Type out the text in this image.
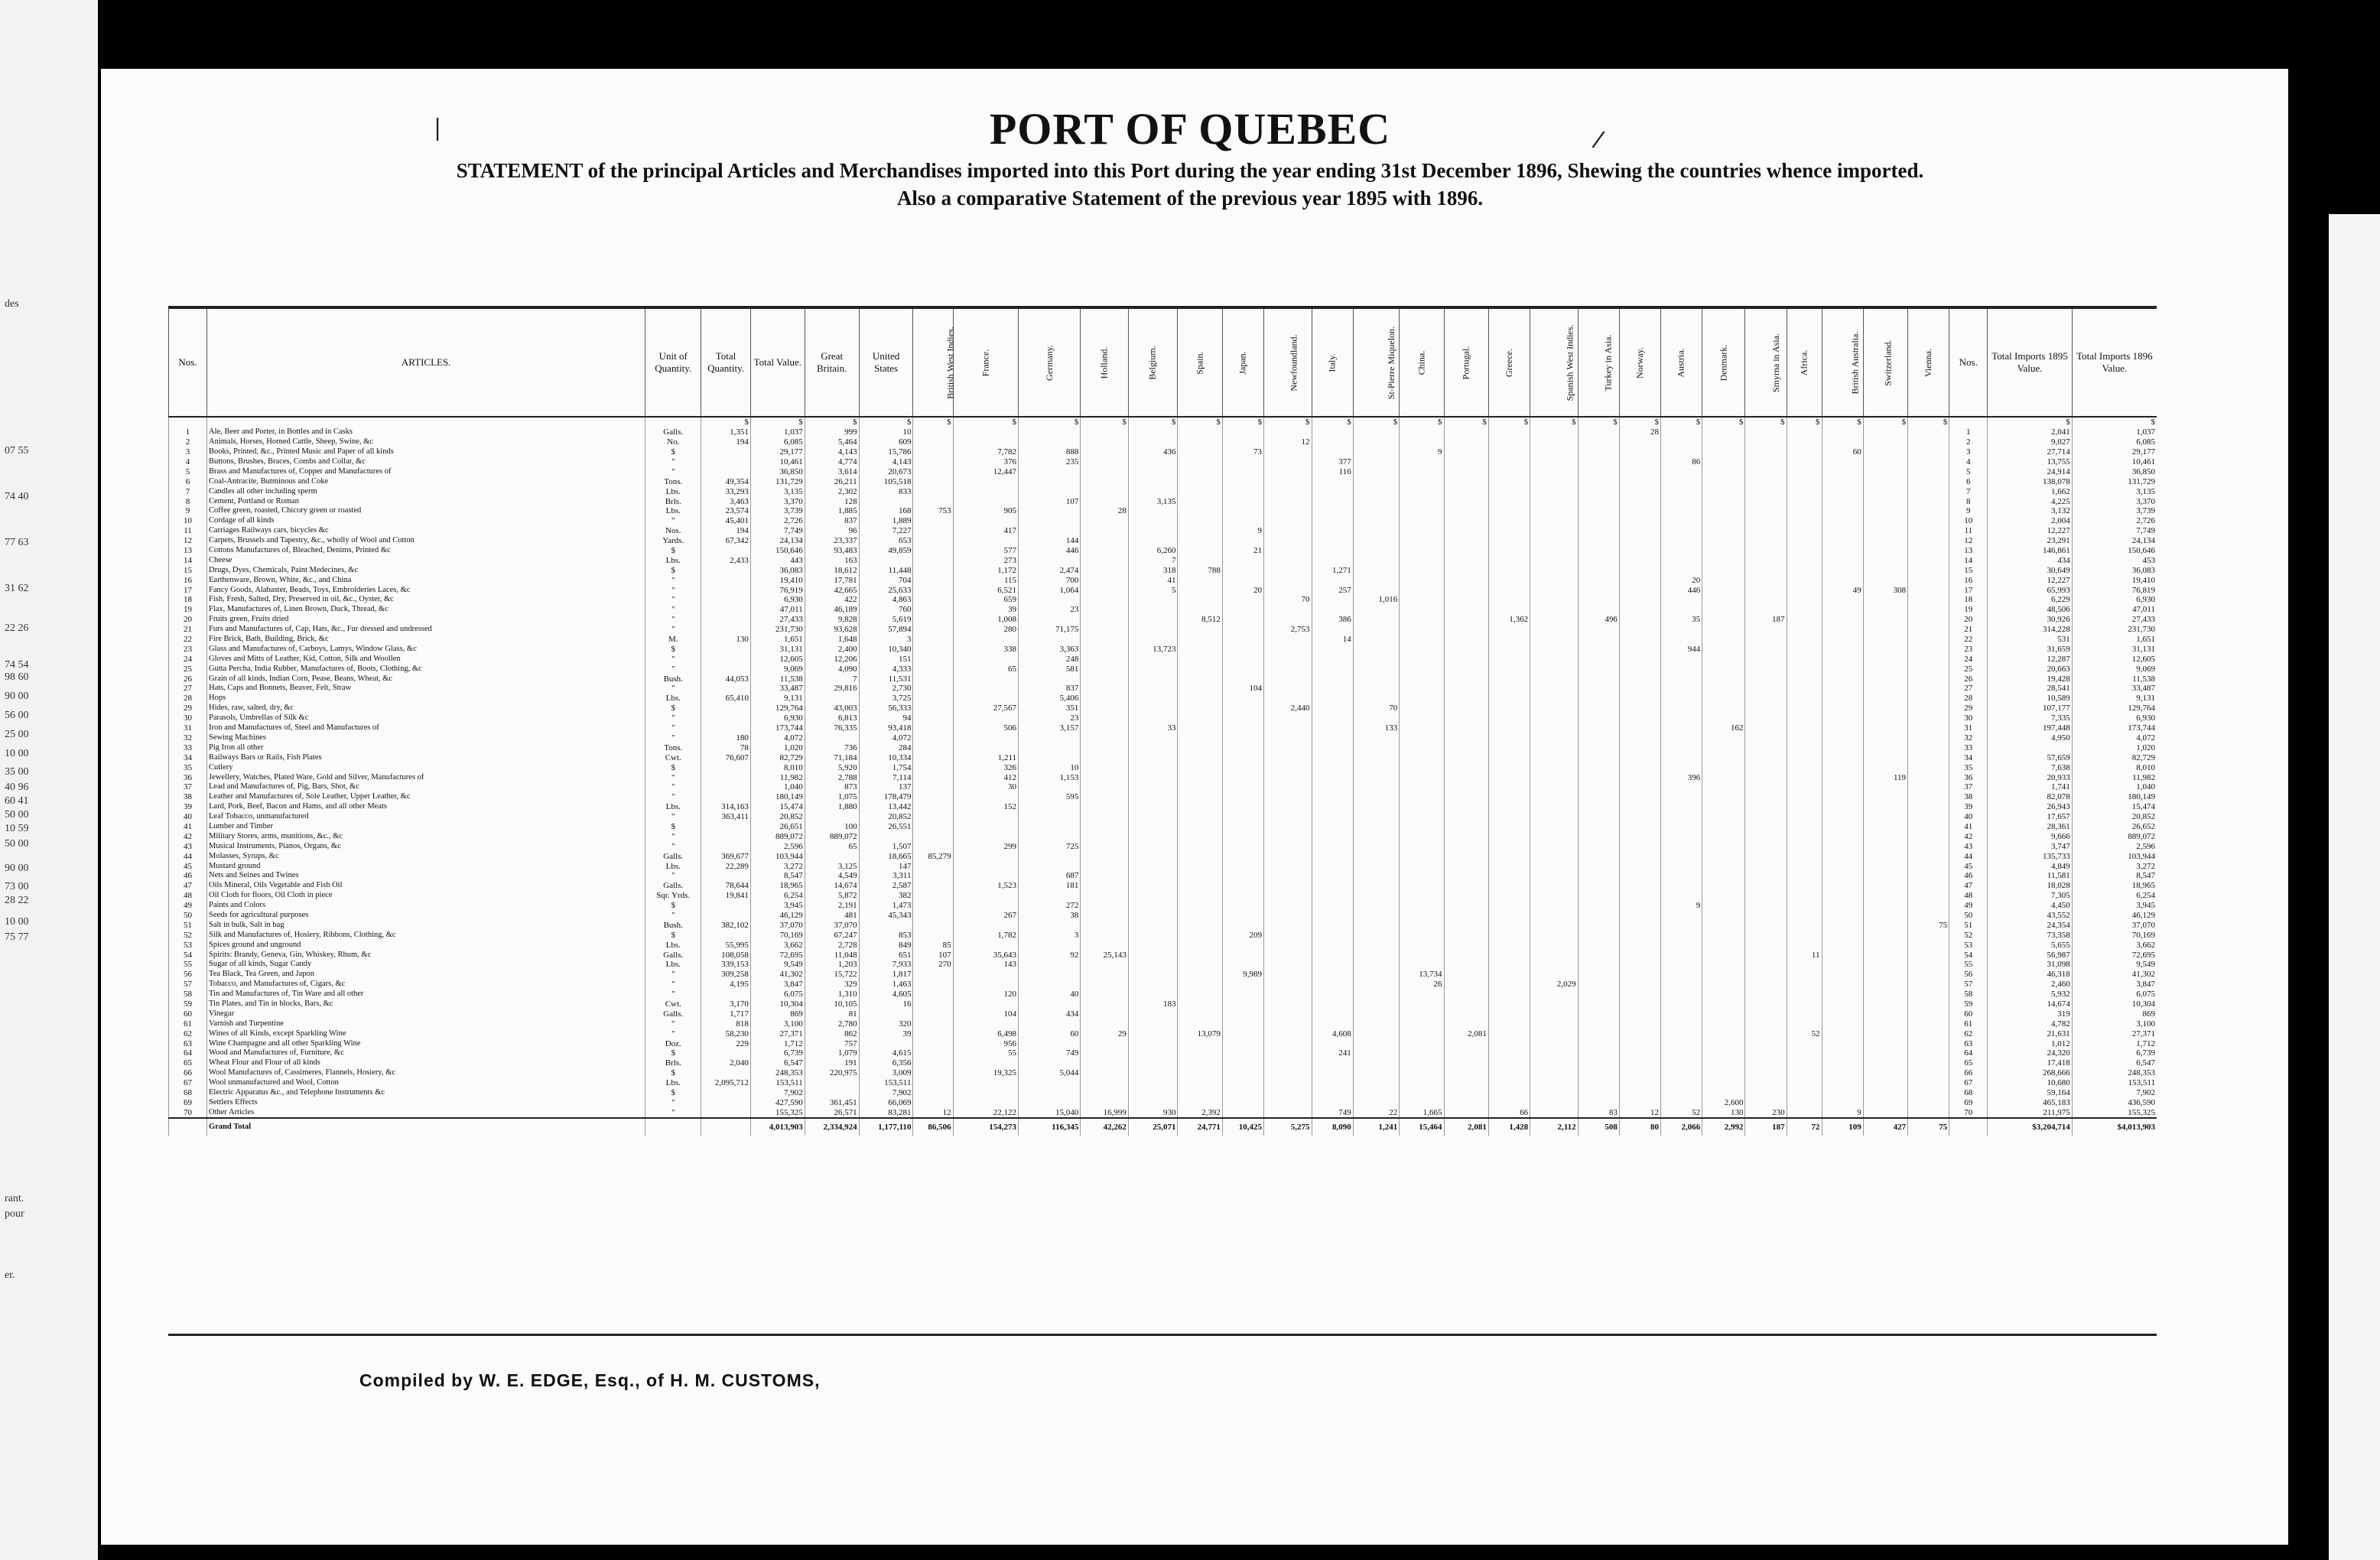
des
07 55
74 40
77 63
31 62
22 26
74 54
98 60
90 00
56 00
25 00
10 00
35 00
40 96
60 41
50 00
10 59
50 00
90 00
73 00
28 22
10 00
75 77
rant.
pour
er.
|	/
PORT OF QUEBEC
STATEMENT of the principal Articles and Merchandises imported into this Port during the year ending 31st December 1896, Shewing the countries whence imported.
Also a comparative Statement of the previous year 1895 with 1896.
Nos.	ARTICLES.	Unit of Quantity.	Total Quantity.	Total Value.	Great Britain.	United States	British West Indies.	France.	Germany.	Holland.	Belgium.	Spain.	Japan.	Newfoundland.	Italy.	St-Pierre Miquelon.	China.	Portugal.	Greece.	Spanish West Indies.	Turkey in Asia.	Norway.	Austria.	Denmark.	Smyrna in Asia.	Africa.	British Australia.	Switzerland.	Vienna.	Nos.	Total Imports 1895 Value.	Total Imports 1896 Value.
			$	$	$	$	$	$	$	$	$	$	$	$	$	$	$	$	$	$	$	$	$	$	$	$	$	$	$		$	$
1	Ale, Beer and Porter, in Bottles and in Casks	Galls.	1,351	1,037	999	10																28								1	2,041	1,037
2	Animals, Horses, Horned Cattle, Sheep, Swine, &c	No.	194	6,085	5,464	609								12																2	9,027	6,085
3	Books, Printed, &c., Printed Music and Paper of all kinds	$		29,177	4,143	15,786		7,782	888		436		73				9										60			3	27,714	29,177
4	Buttons, Brushes, Braces, Combs and Collar, &c	"		10,461	4,774	4,143		376	235						377								86							4	13,755	10,461
5	Brass and Manufactures of, Copper and Manufactures of	"		36,850	3,614	20,673		12,447							116															5	24,914	36,850
6	Coal-Antracite, Butminous and Coke	Tons.	49,354	131,729	26,211	105,518																								6	138,078	131,729
7	Candles all other including sperm	Lbs.	33,293	3,135	2,302	833																								7	1,662	3,135
8	Cement, Portland or Roman	Brls.	3,463	3,370	128				107		3,135																			8	4,225	3,370
9	Coffee green, roasted, Chicory green or roasted	Lbs.	23,574	3,739	1,885	168	753	905		28																				9	3,132	3,739
10	Cordage of all kinds	"	45,401	2,726	837	1,889																								10	2,004	2,726
11	Carriages Railways cars, bicycles &c	Nos.	194	7,749	96	7,227		417					9																	11	12,227	7,749
12	Carpets, Brussels and Tapestry, &c., wholly of Wool and Cotton	Yards.	67,342	24,134	23,337	653			144																					12	23,291	24,134
13	Cottons Manufactures of, Bleached, Denims, Printed &c	$		150,646	93,483	49,859		577	446		6,260		21																	13	146,861	150,646
14	Cheese	Lbs.	2,433	443	163			273			7																			14	434	453
15	Drugs, Dyes, Chemicals, Paint Medecines, &c	$		36,083	18,612	11,448		1,172	2,474		318	788			1,271															15	30,649	36,083
16	Earthenware, Brown, White, &c., and China	"		19,410	17,781	704		115	700		41												20							16	12,227	19,410
17	Fancy Goods, Alabaster, Beads, Toys, Embroideries Laces, &c	"		76,919	42,665	25,633		6,521	1,064		5		20		257								446				49	308		17	65,993	76,819
18	Fish, Fresh, Salted, Dry, Preserved in oil, &c., Oyster, &c	"		6,930	422	4,863		659						70		1,016														18	6,229	6,930
19	Flax, Manufactures of, Linen Brown, Duck, Thread, &c	"		47,011	46,189	760		39	23																					19	48,506	47,011
20	Fruits green, Fruits dried	"		27,433	9,828	5,619		1,008				8,512			386				1,362		496		35		187					20	30,926	27,433
21	Furs and Manufactures of, Cap, Hats, &c., Fur dressed and undressed	"		231,730	93,628	57,894		280	71,175					2,753																21	314,228	231,730
22	Fire Brick, Bath, Building, Brick, &c	M.	130	1,651	1,648	3									14															22	531	1,651
23	Glass and Manufactures of, Carboys, Lamys, Window Glass, &c	$		31,131	2,400	10,340		338	3,363		13,723												944							23	31,659	31,131
24	Gloves and Mitts of Leather, Kid, Cotton, Silk and Woollen	"		12,605	12,206	151			248																					24	12,287	12,605
25	Gutta Percha, India Rubber, Manufactures of, Boots, Clothing, &c	"		9,069	4,090	4,333		65	581																					25	20,663	9,069
26	Grain of all kinds, Indian Corn, Pease, Beans, Wheat, &c	Bush.	44,053	11,538	7	11,531																								26	19,428	11,538
27	Hats, Caps and Bonnets, Beaver, Felt, Straw	"		33,487	29,816	2,730			837				104																	27	28,541	33,487
28	Hops	Lbs.	65,410	9,131		3,725			5,406																					28	10,589	9,131
29	Hides, raw, salted, dry, &c	$		129,764	43,003	56,333		27,567	351					2,440		70														29	107,177	129,764
30	Parasols, Umbrellas of Silk &c	"		6,930	6,813	94			23																					30	7,335	6,930
31	Iron and Manufactures of, Steel and Manufactures of	"		173,744	76,335	93,418		506	3,157		33					133								162						31	197,448	173,744
32	Sewing Machines	"	180	4,072		4,072																								32	4,950	4,072
33	Pig Iron all other	Tons.	78	1,020	736	284																								33		1,020
34	Railways Bars or Rails, Fish Plates	Cwt.	76,607	82,729	71,184	10,334		1,211																						34	57,659	82,729
35	Cutlery	$		8,010	5,920	1,754		326	10																					35	7,638	8,010
36	Jewellery, Watches, Plated Ware, Gold and Silver, Manufactures of	"		11,982	2,788	7,114		412	1,153														396					119		36	20,933	11,982
37	Lead and Manufactures of, Pig, Bars, Shot, &c	"		1,040	873	137		30																						37	1,741	1,040
38	Leather and Manufactures of, Sole Leather, Upper Leather, &c	"		180,149	1,075	178,479			595																					38	82,078	180,149
39	Lard, Pork, Beef, Bacon and Hams, and all other Meats	Lbs.	314,163	15,474	1,880	13,442		152																						39	26,943	15,474
40	Leaf Tobacco, unmanufactured	"	363,411	20,852		20,852																								40	17,657	20,852
41	Lumber and Timber	$		26,651	100	26,551																								41	28,361	26,652
42	Military Stores, arms, munitions, &c., &c	"		889,072	889,072																									42	9,666	889,072
43	Musical Instruments, Pianos, Organs, &c	"		2,596	65	1,507		299	725																					43	3,747	2,596
44	Molasses, Syrups, &c	Galls.	369,677	103,944		18,665	85,279																							44	135,733	103,944
45	Mustard ground	Lbs.	22,289	3,272	3,125	147																								45	4,849	3,272
46	Nets and Seines and Twines	"		8,547	4,549	3,311			687																					46	11,581	8,547
47	Oils Mineral, Oils Vegetable and Fish Oil	Galls.	78,644	18,965	14,674	2,587		1,523	181																					47	18,028	18,965
48	Oil Cloth for floors, Oil Cloth in piece	Sqr. Yrds.	19,841	6,254	5,872	382																								48	7,305	6,254
49	Paints and Colors	$		3,945	2,191	1,473			272														9							49	4,450	3,945
50	Seeds for agricultural purposes	"		46,129	481	45,343		267	38																					50	43,552	46,129
51	Salt in bulk, Salt in bag	Bush.	382,102	37,070	37,070																								75	51	24,354	37,070
52	Silk and Manufactures of, Hosiery, Ribbons, Clothing, &c	$		70,169	67,247	853		1,782	3				209																	52	73,358	70,169
53	Spices ground and unground	Lbs.	55,995	3,662	2,728	849	85																							53	5,655	3,662
54	Spirits: Brandy, Geneva, Gin, Whiskey, Rhum, &c	Galls.	108,058	72,695	11,048	651	107	35,643	92	25,143																11				54	56,987	72,695
55	Sugar of all kinds, Sugar Candy	Lbs.	339,153	9,549	1,203	7,933	270	143																						55	31,098	9,549
56	Tea Black, Tea Green, and Japon	"	309,258	41,302	15,722	1,817							9,989				13,734													56	46,318	41,302
57	Tobacco, and Manufactures of, Cigars, &c	"	4,195	3,847	329	1,463											26			2,029										57	2,460	3,847
58	Tin and Manufactures of, Tin Ware and all other	"		6,075	1,310	4,605		120	40																					58	5,932	6,075
59	Tin Plates, and Tin in blocks, Bars, &c	Cwt.	3,170	10,304	10,105	16					183																			59	14,674	10,304
60	Vinegar	Galls.	1,717	869	81			104	434																					60	319	869
61	Varnish and Turpentine	"	818	3,100	2,780	320																								61	4,782	3,100
62	Wines of all Kinds, except Sparkling Wine	"	58,230	27,371	862	39		6,498	60	29		13,079			4,608			2,081								52				62	21,631	27,371
63	Wine Champagne and all other Sparkling Wine	Doz.	229	1,712	757			956																						63	1,012	1,712
64	Wood and Manufactures of, Furniture, &c	$		6,739	1,079	4,615		55	749						241															64	24,320	6,739
65	Wheat Flour and Flour of all kinds	Brls.	2,040	6,547	191	6,356																								65	17,418	6,547
66	Wool Manufactures of, Cassimeres, Flannels, Hosiery, &c	$		248,353	220,975	3,009		19,325	5,044																					66	268,666	248,353
67	Wool unmanufactured and Wool, Cotton	Lbs.	2,095,712	153,511		153,511																								67	10,680	153,511
68	Electric Apparatus &c., and Telephone Instruments &c	$		7,902		7,902																								68	59,164	7,902
69	Settlers Effects	"		427,590	361,451	66,069																		2,600						69	465,183	436,590
70	Other Articles	"		155,325	26,571	83,281	12	22,122	15,040	16,999	930	2,392			749	22	1,665		66		83	12	52	130	230		9			70	211,975	155,325
	Grand Total			4,013,903	2,334,924	1,177,110	86,506	154,273	116,345	42,262	25,071	24,771	10,425	5,275	8,090	1,241	15,464	2,081	1,428	2,112	508	80	2,066	2,992	187	72	109	427	75		$3,204,714	$4,013,903
Compiled by W. E. EDGE, Esq., of H. M. CUSTOMS,
